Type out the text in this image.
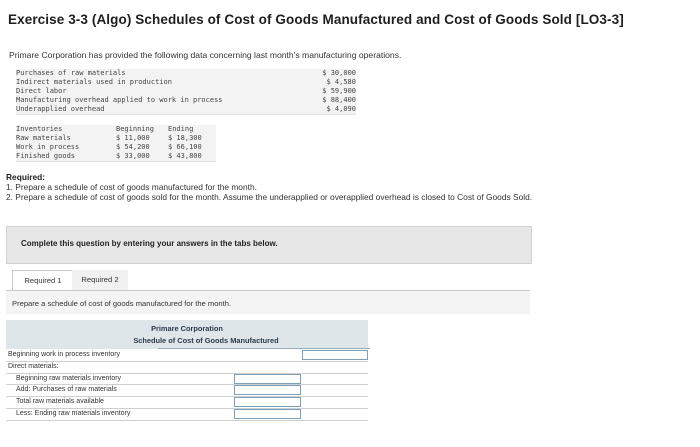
Exercise 3-3 (Algo) Schedules of Cost of Goods Manufactured and Cost of Goods Sold [LO3-3]
Primare Corporation has provided the following data concerning last month's manufacturing operations.
Purchases of raw materials	$ 30,000
Indirect materials used in production	$ 4,580
Direct labor	$ 59,900
Manufacturing overhead applied to work in process	$ 88,400
Underapplied overhead	$ 4,090
Inventories	Beginning Ending
Raw materials	$ 11,000	$ 18,300
Work in process	$ 54,200	$ 66,100
Finished goods	$ 33,000	$ 43,800
Required:
1. Prepare a schedule of cost of goods manufactured for the month.
2. Prepare a schedule of cost of goods sold for the month. Assume the underapplied or overapplied overhead is closed to Cost of Goods Sold.
Complete this question by entering your answers in the tabs below.
Required 1	Required 2
Prepare a schedule of cost of goods manufactured for the month.
Primare Corporation
Schedule of Cost of Goods Manufactured
Beginning work in process inventory
Direct materials:
Beginning raw materials inventory
Add: Purchases of raw materials
Total raw materials available
Less: Ending raw materials inventory
